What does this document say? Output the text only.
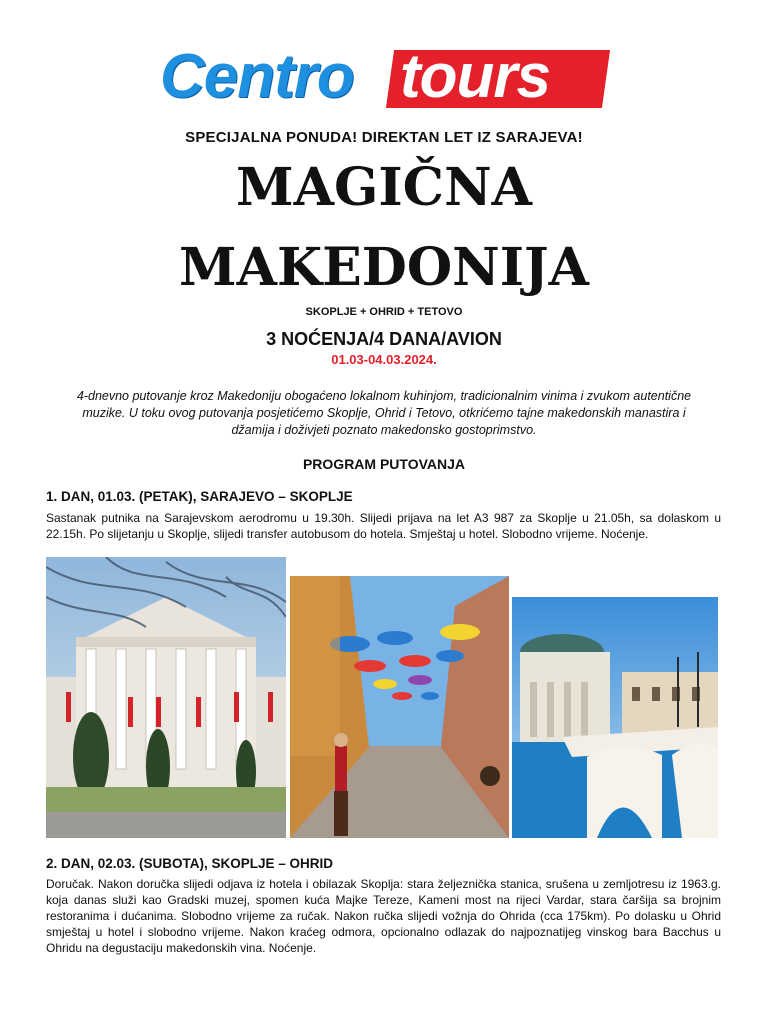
Centro tours
SPECIJALNA PONUDA! DIREKTAN LET IZ SARAJEVA!
MAGIČNA
MAKEDONIJA
SKOPLJE + OHRID + TETOVO
3 NOĆENJA/4 DANA/AVION
01.03-04.03.2024.
4-dnevno putovanje kroz Makedoniju obogaćeno lokalnom kuhinjom, tradicionalnim vinima i zvukom autentične muzike. U toku ovog putovanja posjetićemo Skoplje, Ohrid i Tetovo, otkrićemo tajne makedonskih manastira i džamija i doživjeti poznato makedonsko gostoprimstvo.
PROGRAM PUTOVANJA
1. DAN, 01.03. (PETAK), SARAJEVO – SKOPLJE
Sastanak putnika na Sarajevskom aerodromu u 19.30h. Slijedi prijava na let A3 987 za Skoplje u 21.05h, sa dolaskom u 22.15h. Po slijetanju u Skoplje, slijedi transfer autobusom do hotela. Smještaj u hotel. Slobodno vrijeme. Noćenje.
2. DAN, 02.03. (SUBOTA), SKOPLJE – OHRID
Doručak. Nakon doručka slijedi odjava iz hotela i obilazak Skoplja: stara željeznička stanica, srušena u zemljotresu iz 1963.g. koja danas služi kao Gradski muzej, spomen kuća Majke Tereze, Kameni most na rijeci Vardar, stara čaršija sa brojnim restoranima i dućanima. Slobodno vrijeme za ručak. Nakon ručka slijedi vožnja do Ohrida (cca 175km). Po dolasku u Ohrid smještaj u hotel i slobodno vrijeme. Nakon kraćeg odmora, opcionalno odlazak do najpoznatijeg vinskog bara Bacchus u Ohridu na degustaciju makedonskih vina. Noćenje.
